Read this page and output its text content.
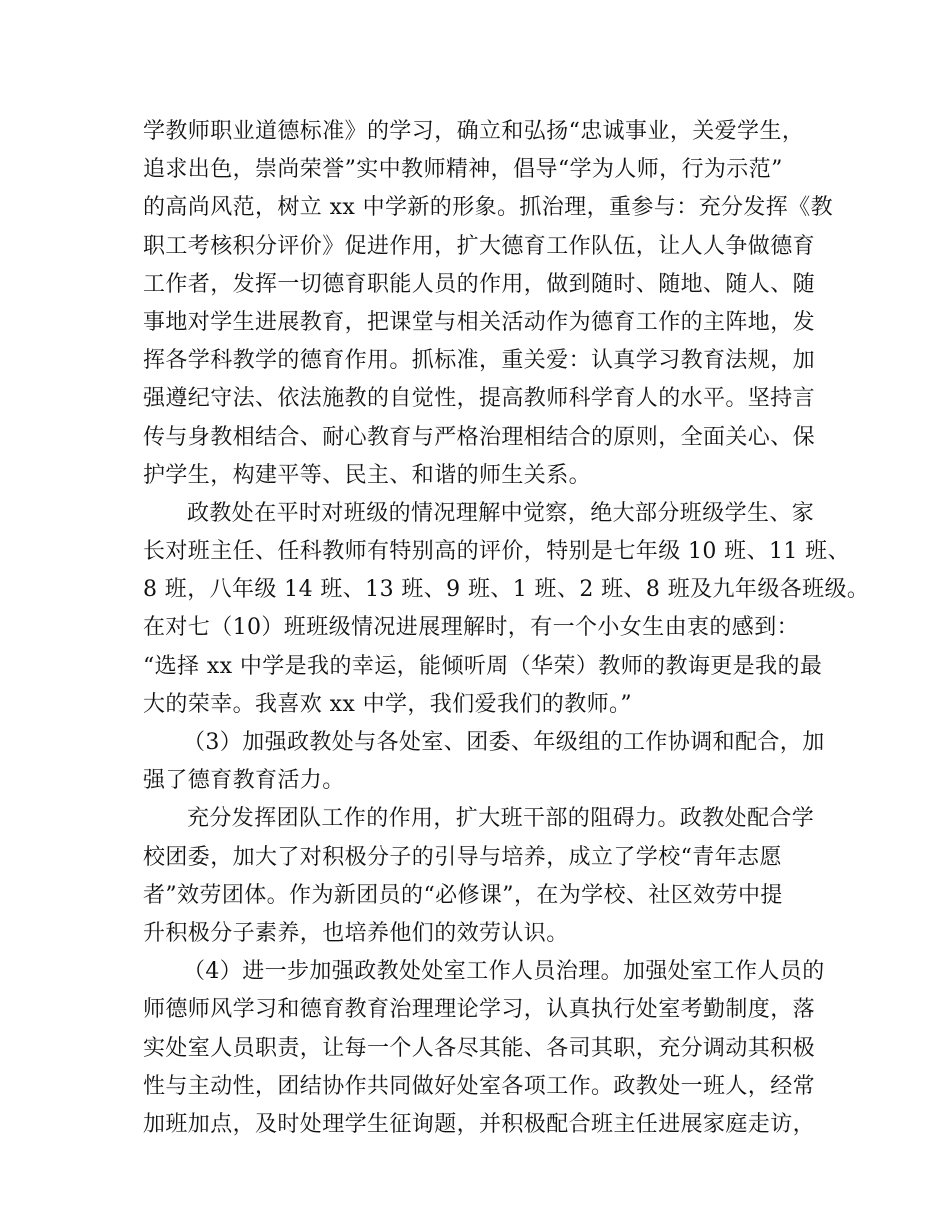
学教师职业道德标准》的学习，确立和弘扬“忠诚事业，关爱学生，
追求出色，崇尚荣誉”实中教师精神，倡导“学为人师，行为示范”
的高尚风范，树立 xx 中学新的形象。抓治理，重参与：充分发挥《教
职工考核积分评价》促进作用，扩大德育工作队伍，让人人争做德育
工作者，发挥一切德育职能人员的作用，做到随时、随地、随人、随
事地对学生进展教育，把课堂与相关活动作为德育工作的主阵地，发
挥各学科教学的德育作用。抓标准，重关爱：认真学习教育法规，加
强遵纪守法、依法施教的自觉性，提高教师科学育人的水平。坚持言
传与身教相结合、耐心教育与严格治理相结合的原则，全面关心、保
护学生，构建平等、民主、和谐的师生关系。
政教处在平时对班级的情况理解中觉察，绝大部分班级学生、家
长对班主任、任科教师有特别高的评价，特别是七年级 10 班、11 班、
8 班，八年级 14 班、13 班、9 班、1 班、2 班、8 班及九年级各班级。
在对七（10）班班级情况进展理解时，有一个小女生由衷的感到：
“选择 xx 中学是我的幸运，能倾听周（华荣）教师的教诲更是我的最
大的荣幸。我喜欢 xx 中学，我们爱我们的教师。”
（3）加强政教处与各处室、团委、年级组的工作协调和配合，加
强了德育教育活力。
充分发挥团队工作的作用，扩大班干部的阻碍力。政教处配合学
校团委，加大了对积极分子的引导与培养，成立了学校“青年志愿
者”效劳团体。作为新团员的“必修课”，在为学校、社区效劳中提
升积极分子素养，也培养他们的效劳认识。
（4）进一步加强政教处处室工作人员治理。加强处室工作人员的
师德师风学习和德育教育治理理论学习，认真执行处室考勤制度，落
实处室人员职责，让每一个人各尽其能、各司其职，充分调动其积极
性与主动性，团结协作共同做好处室各项工作。政教处一班人，经常
加班加点，及时处理学生征询题，并积极配合班主任进展家庭走访，
